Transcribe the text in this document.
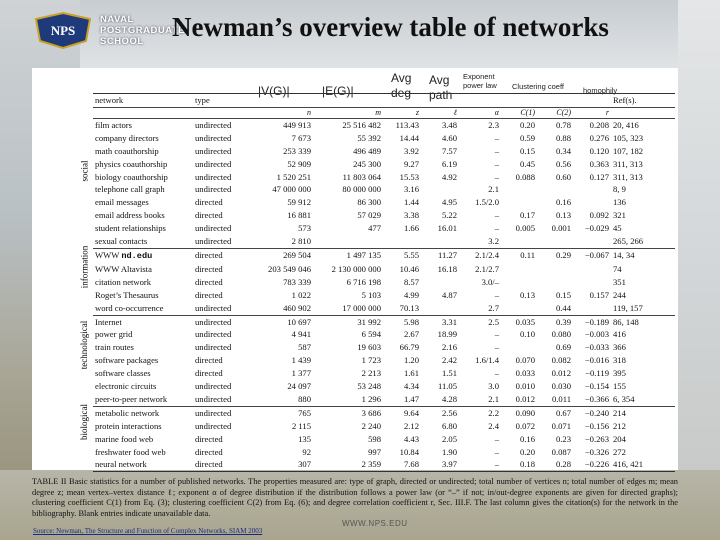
NPS
NAVAL
POSTGRADUATE
SCHOOL	Newman’s overview table of networks
|V(G)|	|E(G)|
Avg
deg
Avg
path
Exponent
power law Clustering coeff	homophily
network	type									Ref(s).
		n	m	z	ℓ	α	C(1)	C(2)	r	
film actors	undirected	449 913	25 516 482	113.43	3.48	2.3	0.20	0.78	0.208	20, 416
company directors	undirected	7 673	55 392	14.44	4.60	–	0.59	0.88	0.276	105, 323
math coauthorship	undirected	253 339	496 489	3.92	7.57	–	0.15	0.34	0.120	107, 182
physics coauthorship	undirected	52 909	245 300	9.27	6.19	–	0.45	0.56	0.363	311, 313
biology coauthorship	undirected	1 520 251	11 803 064	15.53	4.92	–	0.088	0.60	0.127	311, 313
telephone call graph	undirected	47 000 000	80 000 000	3.16		2.1				8, 9
email messages	directed	59 912	86 300	1.44	4.95	1.5/2.0		0.16		136
email address books	directed	16 881	57 029	3.38	5.22	–	0.17	0.13	0.092	321
student relationships	undirected	573	477	1.66	16.01	–	0.005	0.001	−0.029	45
sexual contacts	undirected	2 810				3.2				265, 266
WWW nd.edu	directed	269 504	1 497 135	5.55	11.27	2.1/2.4	0.11	0.29	−0.067	14, 34
WWW Altavista	directed	203 549 046	2 130 000 000	10.46	16.18	2.1/2.7				74
citation network	directed	783 339	6 716 198	8.57		3.0/–				351
Roget’s Thesaurus	directed	1 022	5 103	4.99	4.87	–	0.13	0.15	0.157	244
word co-occurrence	undirected	460 902	17 000 000	70.13		2.7		0.44		119, 157
Internet	undirected	10 697	31 992	5.98	3.31	2.5	0.035	0.39	−0.189	86, 148
power grid	undirected	4 941	6 594	2.67	18.99	–	0.10	0.080	−0.003	416
train routes	undirected	587	19 603	66.79	2.16	–		0.69	−0.033	366
software packages	directed	1 439	1 723	1.20	2.42	1.6/1.4	0.070	0.082	−0.016	318
software classes	directed	1 377	2 213	1.61	1.51	–	0.033	0.012	−0.119	395
electronic circuits	undirected	24 097	53 248	4.34	11.05	3.0	0.010	0.030	−0.154	155
peer-to-peer network	undirected	880	1 296	1.47	4.28	2.1	0.012	0.011	−0.366	6, 354
metabolic network	undirected	765	3 686	9.64	2.56	2.2	0.090	0.67	−0.240	214
protein interactions	undirected	2 115	2 240	2.12	6.80	2.4	0.072	0.071	−0.156	212
marine food web	directed	135	598	4.43	2.05	–	0.16	0.23	−0.263	204
freshwater food web	directed	92	997	10.84	1.90	–	0.20	0.087	−0.326	272
neural network	directed	307	2 359	7.68	3.97	–	0.18	0.28	−0.226	416, 421
social
information
technological
biological
TABLE II Basic statistics for a number of published networks. The properties measured are: type of graph, directed or undirected; total number of vertices n; total number of edges m; mean degree z; mean vertex–vertex distance ℓ; exponent α of degree distribution if the distribution follows a power law (or “–” if not; in/out-degree exponents are given for directed graphs); clustering coefficient C(1) from Eq. (3); clustering coefficient C(2) from Eq. (6); and degree correlation coefficient r, Sec. III.F. The last column gives the citation(s) for the network in the bibliography. Blank entries indicate unavailable data.
WWW.NPS.EDU
Source: Newman, The Structure and Function of Complex Networks, SIAM 2003
